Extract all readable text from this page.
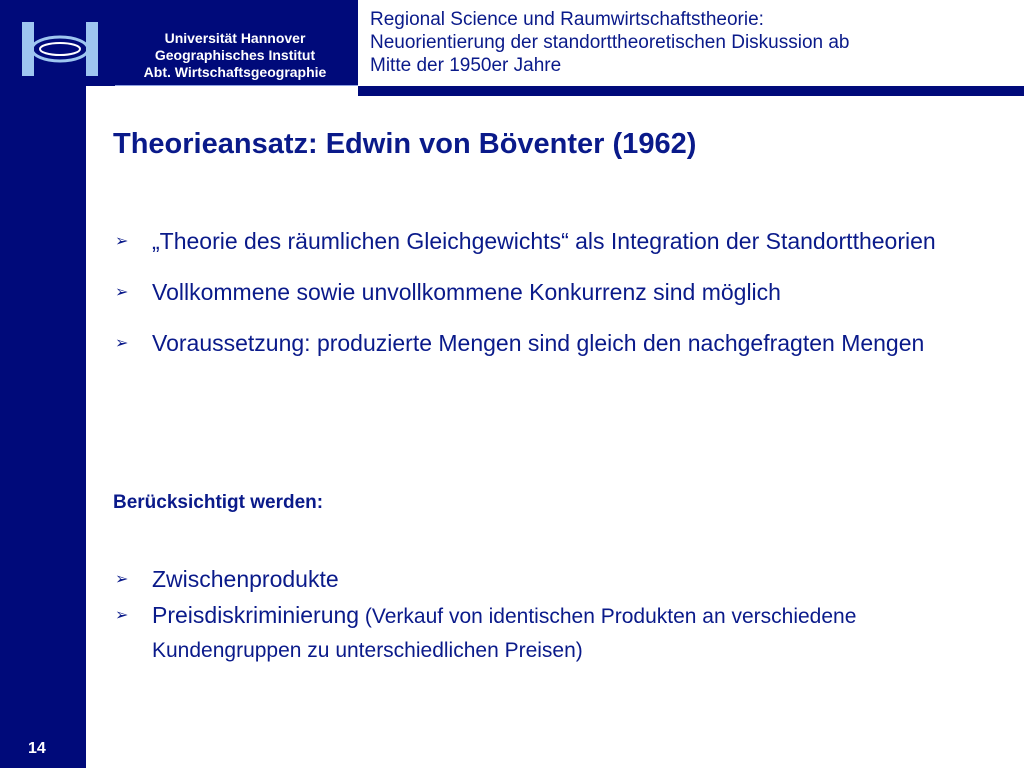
Universität Hannover
Geographisches Institut
Abt. Wirtschaftsgeographie
Regional Science und Raumwirtschaftstheorie:
Neuorientierung der standorttheoretischen Diskussion ab
Mitte der 1950er Jahre
Theorieansatz: Edwin von Böventer (1962)
➢ „Theorie des räumlichen Gleichgewichts“ als Integration der Standorttheorien
➢ Vollkommene sowie unvollkommene Konkurrenz sind möglich
➢ Voraussetzung: produzierte Mengen sind gleich den nachgefragten Mengen
Berücksichtigt werden:
➢ Zwischenprodukte
➢ Preisdiskriminierung (Verkauf von identischen Produkten an verschiedene Kundengruppen zu unterschiedlichen Preisen)
14
